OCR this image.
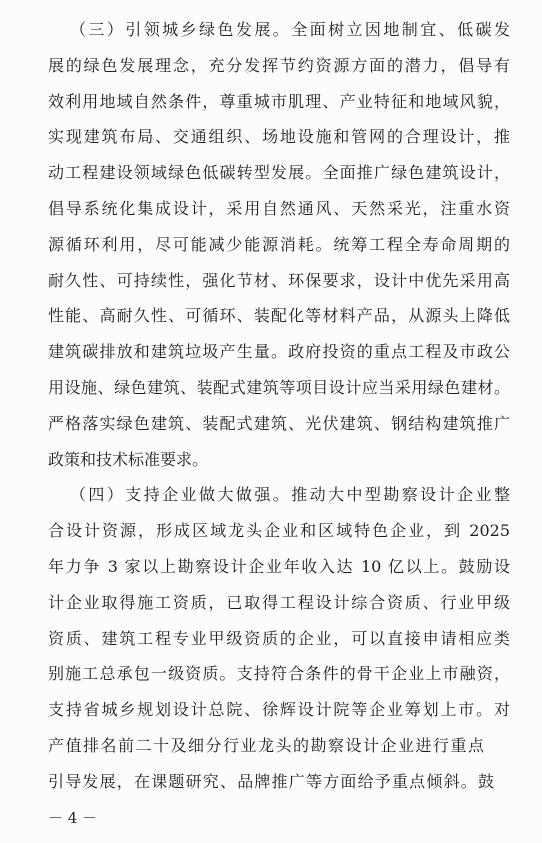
（三）引领城乡绿色发展。全面树立因地制宜、低碳发
展的绿色发展理念，充分发挥节约资源方面的潜力，倡导有
效利用地域自然条件，尊重城市肌理、产业特征和地域风貌，
实现建筑布局、交通组织、场地设施和管网的合理设计，推
动工程建设领域绿色低碳转型发展。全面推广绿色建筑设计，
倡导系统化集成设计，采用自然通风、天然采光，注重水资
源循环利用，尽可能减少能源消耗。统筹工程全寿命周期的
耐久性、可持续性，强化节材、环保要求，设计中优先采用高
性能、高耐久性、可循环、装配化等材料产品，从源头上降低
建筑碳排放和建筑垃圾产生量。政府投资的重点工程及市政公
用设施、绿色建筑、装配式建筑等项目设计应当采用绿色建材。
严格落实绿色建筑、装配式建筑、光伏建筑、钢结构建筑推广
政策和技术标准要求。
（四）支持企业做大做强。推动大中型勘察设计企业整
合设计资源，形成区域龙头企业和区域特色企业，到 2025
年力争 3 家以上勘察设计企业年收入达 10 亿以上。鼓励设
计企业取得施工资质，已取得工程设计综合资质、行业甲级
资质、建筑工程专业甲级资质的企业，可以直接申请相应类
别施工总承包一级资质。支持符合条件的骨干企业上市融资，
支持省城乡规划设计总院、徐辉设计院等企业筹划上市。对
产值排名前二十及细分行业龙头的勘察设计企业进行重点
引导发展，在课题研究、品牌推广等方面给予重点倾斜。鼓
－ 4 －
